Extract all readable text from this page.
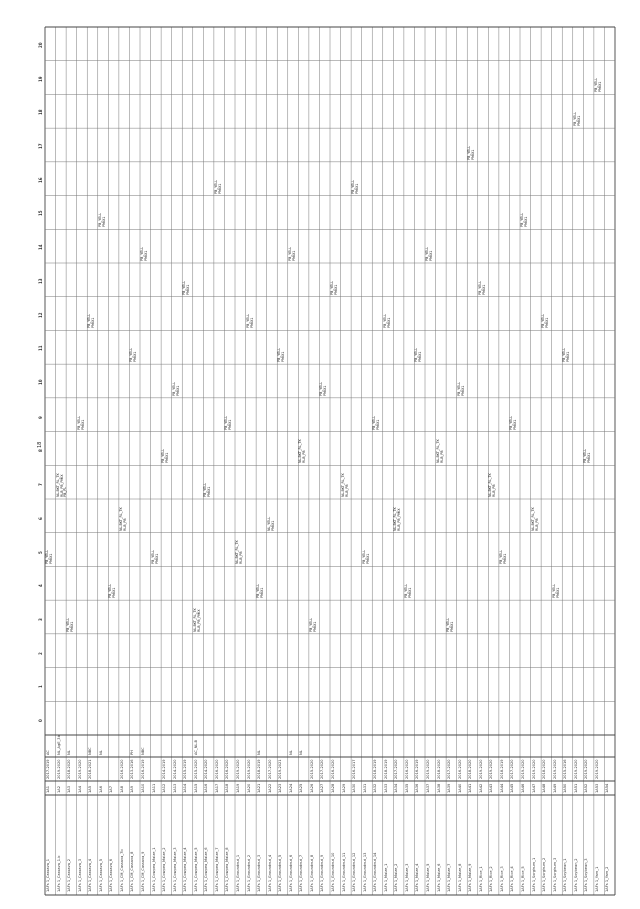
18
0
1
2
3
4
5
6
7
8
9
10
11
12
13
14
15
16
17
18
19
20
1AFs 1_Cassava_1
1A1
2017-2019
AC
1AFs 1_Cassava_1.b
1A2
2019-2020
NL_AgE_3b
1AFs 1_Cassava_2
1A3
2018-2020
NL
1AFs 1_Cassava_3
1A4
2019-2020
1AFs 1_Cassava_4
1A5
2018-2021
NBC
1AFs 1_Cassava_5
1A6
NL
1AFs 1_Cassava_6
1A7
1AFs 1_CM_Cassava_7b
1A8
2016-2020
1AFs 1_CM_Cassava_8
1A9
2013-2016
PH
1AFs 1_CM_Cassava_9
1A10
2016-2019
NBC
1AFs 1_Cowpea_Maize_1
1A11
1AFs 1_Cowpea_Maize_2
1A12
2014-2019
1AFs 1_Cowpea_Maize_3
1A13
2014-2020
1AFs 1_Cowpea_Maize_4
1A14
2015-2019
1AFs 1_Cowpea_Maize_5
1A15
2015-2020
AC_NL-B
1AFs 1_Cowpea_Maize_6
1A16
2014-2020
1AFs 1_Cowpea_Maize_7
1A17
2016-2020
1AFs 1_Cowpea_Maize_8
1A18
2016-2020
1AFs 1_Groundnut_1
1A19
2019-2020
1AFs 1_Groundnut_2
1A20
2019-2020
1AFs 1_Groundnut_3
1A21
2018-2019
NL
1AFs 1_Groundnut_4
1A22
2017-2020
1AFs 1_Groundnut_5
1A23
2019-2021
1AFs 1_Groundnut_6
1A24
NL
1AFs 1_Groundnut_7
1A25
NL
1AFs 1_Groundnut_8
1A26
2015-2020
1AFs 1_Groundnut_9
1A27
2017-2020
1AFs 1_Groundnut_10
1A28
2016-2020
1AFs 1_Groundnut_11
1A29
1AFs 1_Groundnut_12
1A30
2016-2017
1AFs 1_Groundnut_13
1A31
1AFs 1_Groundnut_14
1A32
2018-2019
1AFs 1_Maize_1
1A33
2018-2019
1AFs 1_Maize_2
1A34
2017-2020
1AFs 1_Maize_3
1A35
2016-2020
1AFs 1_Maize_4
1A36
2016-2019
1AFs 1_Maize_5
1A37
2019-2020
1AFs 1_Maize_6
1A38
2018-2020
1AFs 1_Maize_7
1A39
2017-2020
1AFs 1_Maize_8
1A40
2016-2020
1AFs 1_Maize_9
1A41
2018-2020
1AFs 1_Rice_1
1A42
2019-2020
1AFs 1_Rice_2
1A43
2019-2020
1AFs 1_Rice_3
1A44
2018-2019
1AFs 1_Rice_4
1A45
2017-2020
1AFs 1_Rice_5
1A46
2019-2020
1AFs 1_Sorghum_1
1A47
2019-2020
1AFs 1_Sorghum_2
1A48
2018-2020
1AFs 1_Sorghum_3
1A49
2019-2020
1AFs 1_Soybean_1
1A50
2015-2016
1AFs 1_Soybean_2
1A51
2019-2020
1AFs 1_Soybean_3
1A52
2019-2020
1AFs 1_Yam_1
1A53
2019-2020
1AFs 1_Yam_2
1A54
PB_YELL
PMIX1
NL-BKT_RL_TK
RLB_PB_PMIX
PB_PL
PB_YELL
PMIX1
PB_YELL
PMIX1
PB_YELL
PMIX1
PB_YELL
PMIX1
PB_YELL
PMIX1
NL-BKT_RL_TK
RLB_PB
PB_YELL
PMIX1
PB_YELL
PMIX1
PB_YELL
PMIX1
PB_YELL
PMIX1
PB_YELL
PMIX1
PB_YELL
PMIX1
NL-BKT_RL_TK
RLB_PB_PMIX
PB_YELL
PMIX1
PB_YELL
PMIX1
PB_YELL
PMIX1
NL-BKT_RL_TK
RLB_PB
PB_YELL
PMIX1
PB_YELL
PMIX1
NL_YELL
PMIX1
PB_YELL
PMIX1
PB_YELL
PMIX1
NL-BKT_RL_TK
RLB_PB
PB_YELL
PMIX1
PB_YELL
PMIX1
PB_YELL
PMIX1
NL-BKT_RL_TK
RLB_PB
PB_YELL
PMIX1
PB_YELL
PMIX1
PB_YELL
PMIX1
PB_YELL
PMIX1
NL-BKT_RL_TK
RLB_PB_PMIX
PB_YELL
PMIX1
PB_YELL
PMIX1
PB_YELL
PMIX1
NL-BKT_RL_TK
RLB_PB
PB_YELL
PMIX1
PB_YELL
PMIX1
PB_YELL
PMIX1
PB_YELL
PMIX1
NL-BKT_RL_TK
RLB_PB
PB_YELL
PMIX1
PB_YELL
PMIX1
PB_YELL
PMIX1
NL-BKT_RL_TK
RLB_PB
PB_YELL
PMIX1
PB_YELL
PMIX1
PB_YELL
PMIX1
PB_YELL
PMIX1
PB_YELL
PMIX1
PB_YELL
PMIX1
